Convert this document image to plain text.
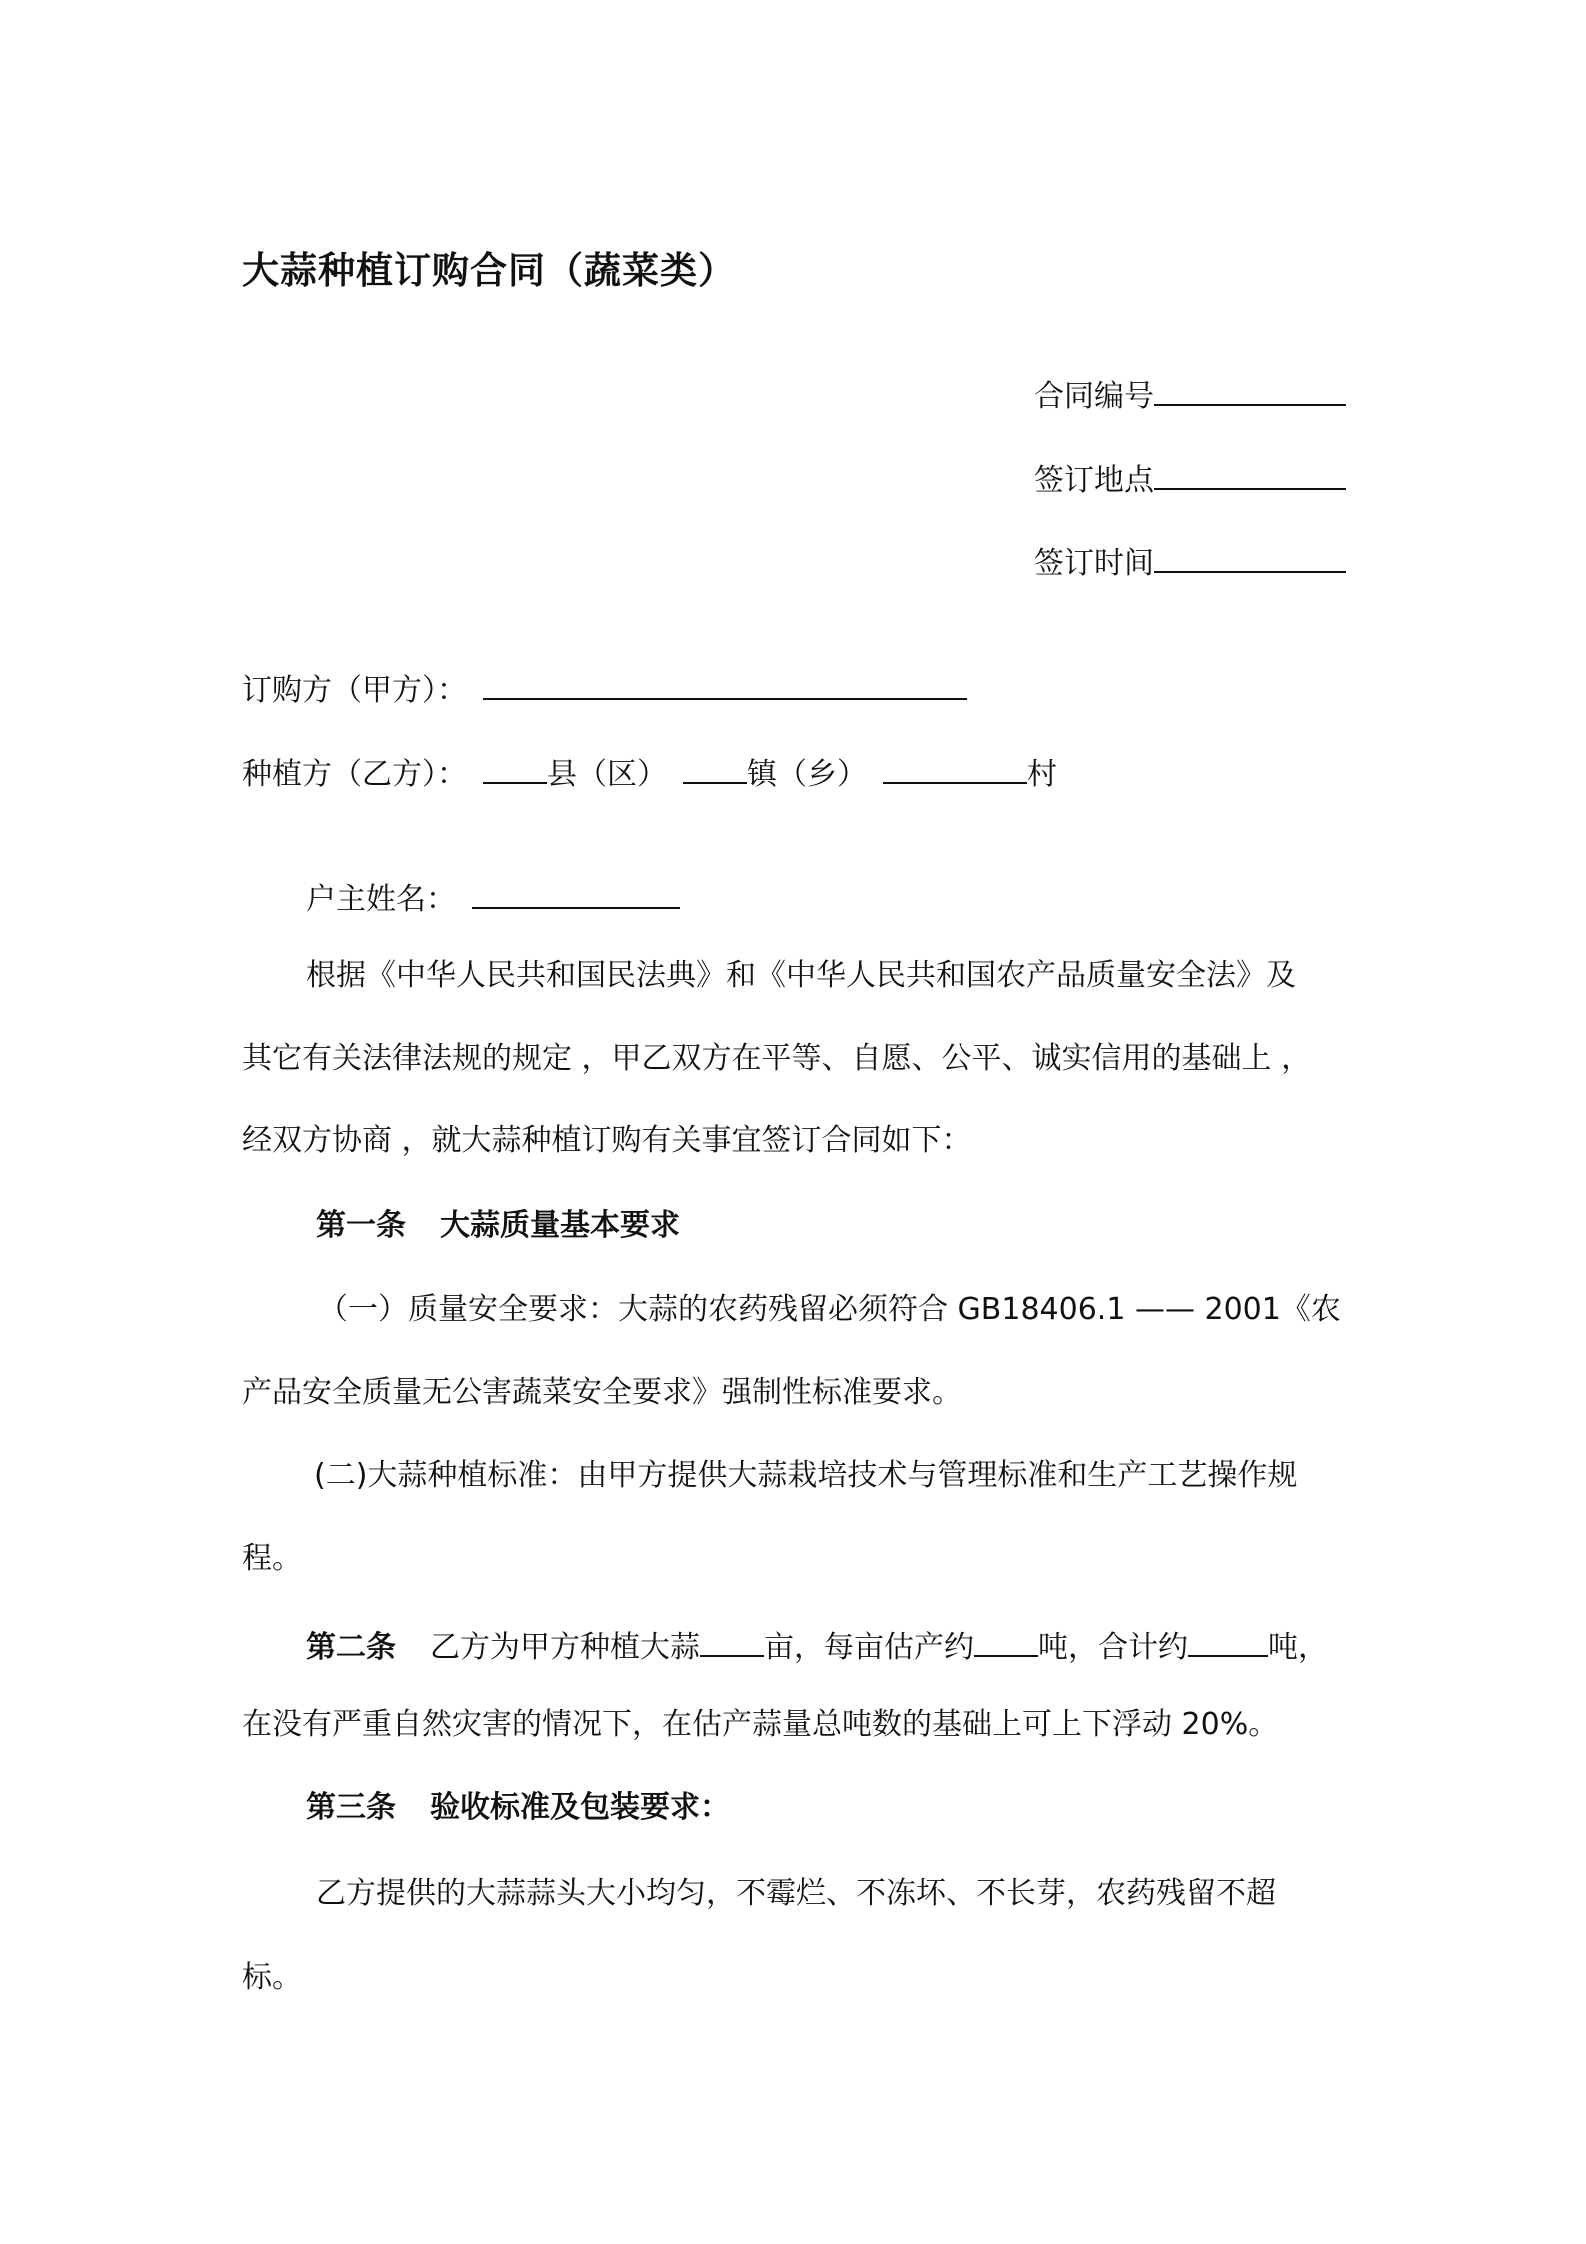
大蒜种植订购合同（蔬菜类）
合同编号
签订地点
签订时间
订购方（甲方）：
种植方（乙方）：	县（区）	镇（乡）	村
户主姓名：
根据《中华人民共和国民法典》和《中华人民共和国农产品质量安全法》及
其它有关法律法规的规定 ，甲乙双方在平等、自愿、公平、诚实信用的基础上 ，
经双方协商 ，就大蒜种植订购有关事宜签订合同如下：
第一条 大蒜质量基本要求
（一）质量安全要求：大蒜的农药残留必须符合 GB18406.1 —— 2001《农
产品安全质量无公害蔬菜安全要求》强制性标准要求。
(二)大蒜种植标准：由甲方提供大蒜栽培技术与管理标准和生产工艺操作规
程。
第二条 乙方为甲方种植大蒜 亩，每亩估产约 吨，合计约	吨，
在没有严重自然灾害的情况下，在估产蒜量总吨数的基础上可上下浮动 20%。
第三条 验收标准及包装要求：
乙方提供的大蒜蒜头大小均匀，不霉烂、不冻坏、不长芽，农药残留不超
标。
